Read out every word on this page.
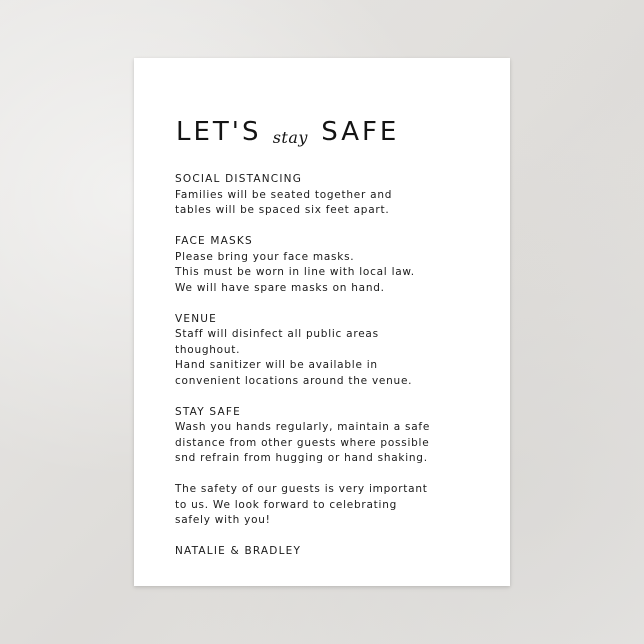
LET'S stay SAFE
SOCIAL DISTANCING
Families will be seated together and
tables will be spaced six feet apart.
FACE MASKS
Please bring your face masks.
This must be worn in line with local law.
We will have spare masks on hand.
VENUE
Staff will disinfect all public areas
thoughout.
Hand sanitizer will be available in
convenient locations around the venue.
STAY SAFE
Wash you hands regularly, maintain a safe
distance from other guests where possible
snd refrain from hugging or hand shaking.
The safety of our guests is very important
to us. We look forward to celebrating
safely with you!
NATALIE & BRADLEY
